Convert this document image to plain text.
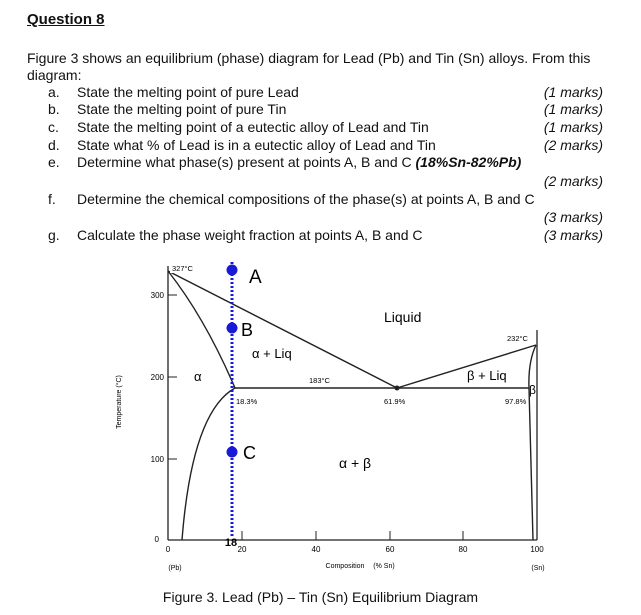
Question 8
Figure 3 shows an equilibrium (phase) diagram for Lead (Pb) and Tin (Sn) alloys. From this diagram:
a.	State the melting point of pure Lead	(1 marks)
b.	State the melting point of pure Tin	(1 marks)
c.	State the melting point of a eutectic alloy of Lead and Tin	(1 marks)
d.	State what % of Lead is in a eutectic alloy of Lead and Tin	(2 marks)
e.	Determine what phase(s) present at points A, B and C (18%Sn-82%Pb)
(2 marks)
f.	Determine the chemical compositions of the phase(s) at points A, B and C
(3 marks)
g.	Calculate the phase weight fraction at points A, B and C	(3 marks)
A
B
C
Liquid
α + Liq
β + Liq
α
β
α + β
327°C
232°C
183°C
18.3%	61.9%	97.8%
300
200
100
0
0	20	40	60	80	100
18
(Pb)	(Sn)
Composition (% Sn)
Temperature (°C)
Figure 3. Lead (Pb) – Tin (Sn) Equilibrium Diagram
